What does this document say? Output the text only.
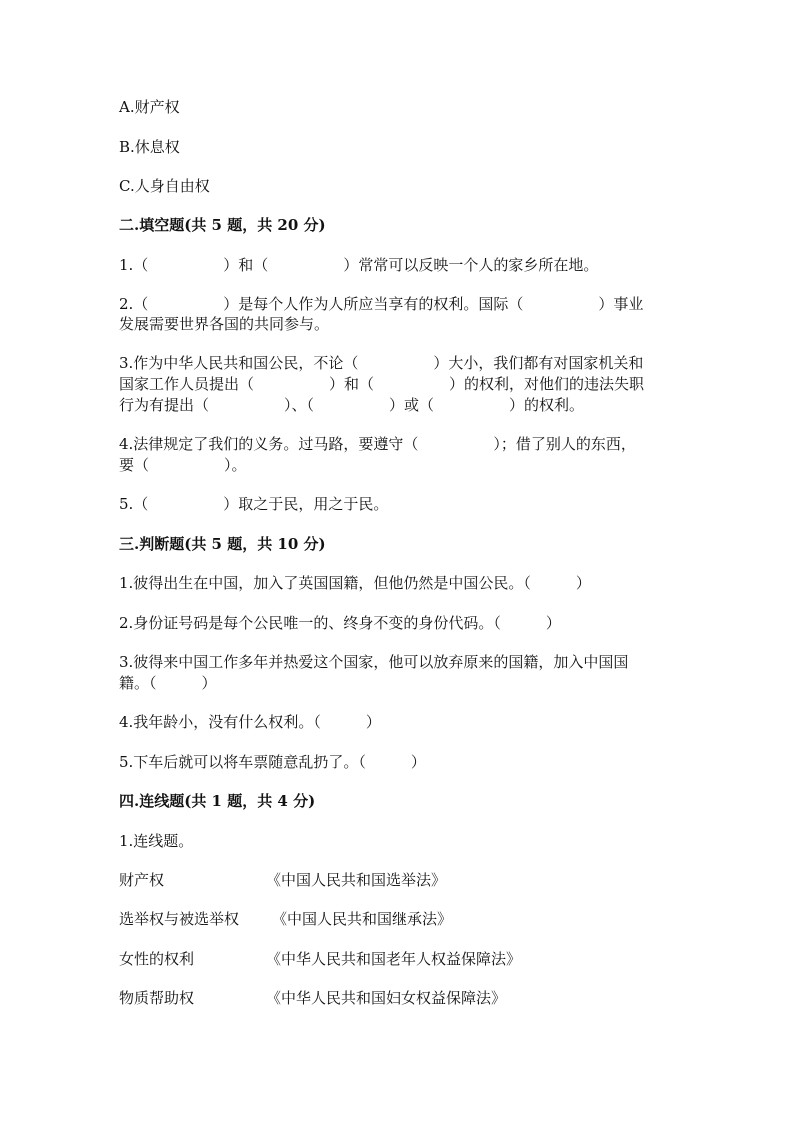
A.财产权
B.休息权
C.人身自由权
二.填空题(共 5 题，共 20 分)
1.（　　　　　）和（　　　　　）常常可以反映一个人的家乡所在地。
2.（　　　　　）是每个人作为人所应当享有的权利。国际（　　　　　）事业
发展需要世界各国的共同参与。
3.作为中华人民共和国公民，不论（　　　　　）大小，我们都有对国家机关和
国家工作人员提出（　　　　　）和（　　　　　）的权利，对他们的违法失职
行为有提出（　　　　　）、（　　　　　）或（　　　　　）的权利。
4.法律规定了我们的义务。过马路，要遵守（　　　　　）；借了别人的东西，
要（　　　　　）。
5.（　　　　　）取之于民，用之于民。
三.判断题(共 5 题，共 10 分)
1.彼得出生在中国，加入了英国国籍，但他仍然是中国公民。（　　　）
2.身份证号码是每个公民唯一的、终身不变的身份代码。（　　　）
3.彼得来中国工作多年并热爱这个国家，他可以放弃原来的国籍，加入中国国
籍。（　　　）
4.我年龄小，没有什么权利。（　　　）
5.下车后就可以将车票随意乱扔了。（　　　）
四.连线题(共 1 题，共 4 分)
1.连线题。
财产权	《中国人民共和国选举法》
选举权与被选举权 《中国人民共和国继承法》
女性的权利	《中华人民共和国老年人权益保障法》
物质帮助权	《中华人民共和国妇女权益保障法》
